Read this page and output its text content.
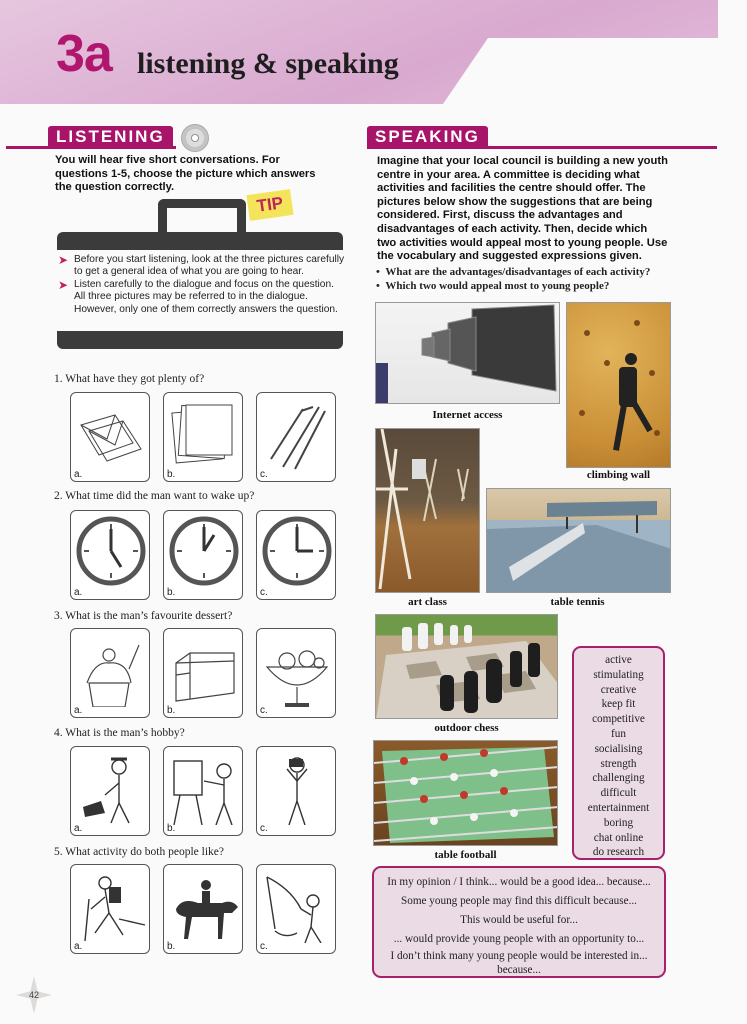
3a listening & speaking
LISTENING
You will hear five short conversations. For questions 1-5, choose the picture which answers the question correctly.
TIP
➤ Before you start listening, look at the three pictures carefully to get a general idea of what you are going to hear.
➤ Listen carefully to the dialogue and focus on the question. All three pictures may be referred to in the dialogue. However, only one of them correctly answers the question.
1. What have they got plenty of?
a.	b.	c.
2. What time did the man want to wake up?
a.	b.	c.
3. What is the man’s favourite dessert?
a.	b.	c.
4. What is the man’s hobby?
a.	b.	c.
5. What activity do both people like?
a.	b.	c.
SPEAKING
Imagine that your local council is building a new youth centre in your area. A committee is deciding what activities and facilities the centre should offer. The pictures below show the suggestions that are being considered. First, discuss the advantages and disadvantages of each activity. Then, decide which two activities would appeal most to young people. Use the vocabulary and suggested expressions given.
•  What are the advantages/disadvantages of each activity?
•  Which two would appeal most to young people?
Internet access
climbing wall
art class	table tennis
outdoor chess
table football
active
stimulating
creative
keep fit
competitive
fun
socialising
strength
challenging
difficult
entertainment
boring
chat online
do research
In my opinion / I think... would be a good idea... because...
Some young people may find this difficult because...
This would be useful for...
... would provide young people with an opportunity to...
I don’t think many young people would be interested in... because...
42
